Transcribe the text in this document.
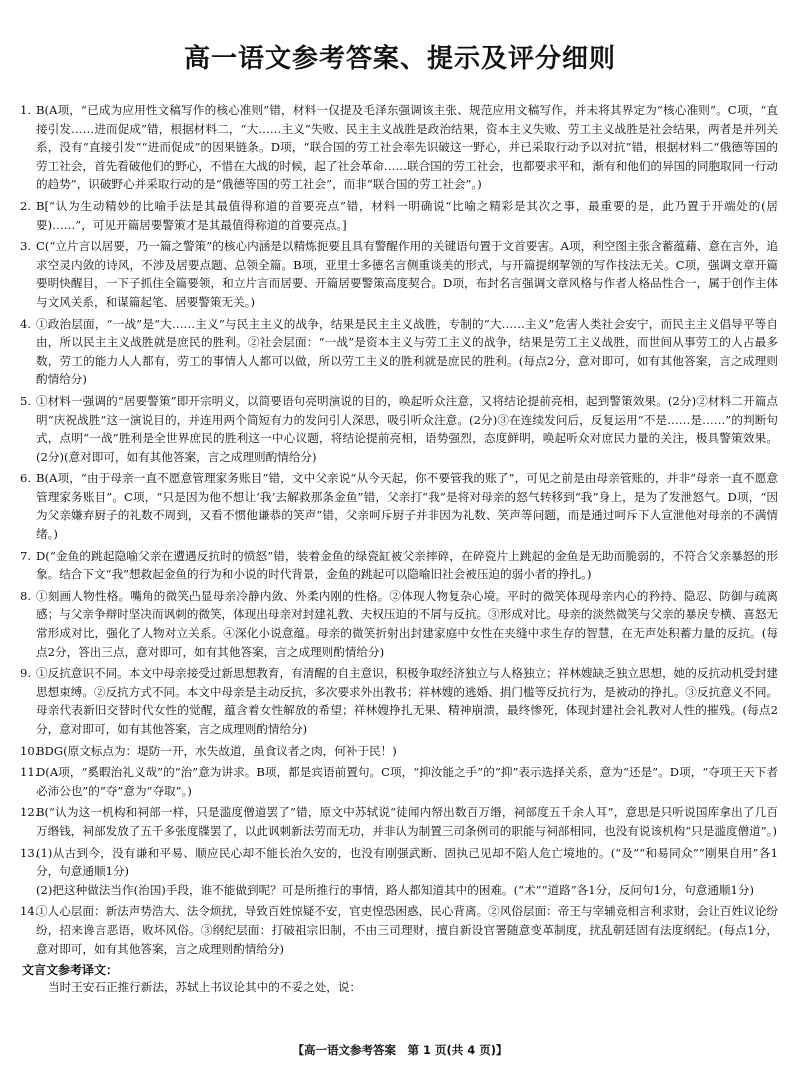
高一语文参考答案、提示及评分细则
1. B(A项，“已成为应用性文稿写作的核心准则”错，材料一仅提及毛泽东强调该主张、规范应用文稿写作，并未将其界定为“核心准则”。C项，“直接引发……进而促成”错，根据材料二，“大……主义”失败、民主主义战胜是政治结果，资本主义失败、劳工主义战胜是社会结果，两者是并列关系，没有“直接引发”“进而促成”的因果链条。D项，“联合国的劳工社会率先识破这一野心，并已采取行动予以对抗”错，根据材料二“俄德等国的劳工社会，首先看破他们的野心，不惜在大战的时候，起了社会革命……联合国的劳工社会，也都要求平和，渐有和他们的异国的同胞取同一行动的趋势”，识破野心并采取行动的是“俄德等国的劳工社会”，而非“联合国的劳工社会”。)
2. B[“认为生动精妙的比喻手法是其最值得称道的首要亮点”错，材料一明确说“比喻之精彩是其次之事，最重要的是，此乃置于开端处的(居要)……”，可见开篇居要警策才是其最值得称道的首要亮点。]
3. C(“立片言以居要，乃一篇之警策”的核心内涵是以精炼扼要且具有警醒作用的关键语句置于文首要害。A项，利空图主张含蓄蕴藉、意在言外，追求空灵内敛的诗风，不涉及居要点题、总领全篇。B项，亚里士多德名言侧重谈美的形式，与开篇提纲挈领的写作技法无关。C项，强调文章开篇要明快醒目，一下子抓住全篇要领，和立片言而居要、开篇居要警策高度契合。D项，布封名言强调文章风格与作者人格品性合一，属于创作主体与文风关系，和谋篇起笔、居要警策无关。)
4. ①政治层面，“一战”是“大……主义”与民主主义的战争，结果是民主主义战胜，专制的“大……主义”危害人类社会安宁，而民主主义倡导平等自由，所以民主主义战胜就是庶民的胜利。②社会层面：“一战”是资本主义与劳工主义的战争，结果是劳工主义战胜，而世间从事劳工的人占最多数，劳工的能力人人都有，劳工的事情人人都可以做，所以劳工主义的胜利就是庶民的胜利。(每点2分，意对即可，如有其他答案，言之成理则酌情给分)
5. ①材料一强调的“居要警策”即开宗明义，以简要语句亮明演说的目的，唤起听众注意，又将结论提前亮相，起到警策效果。(2分)②材料二开篇点明“庆祝战胜”这一演说目的，并连用两个简短有力的发问引人深思，吸引听众注意。(2分)③在连续发问后，反复运用“不是……是……”的判断句式，点明“一战”胜利是全世界庶民的胜利这一中心议题，将结论提前亮相，语势强烈，态度鲜明，唤起听众对庶民力量的关注，极具警策效果。(2分)(意对即可，如有其他答案，言之成理则酌情给分)
6. B(A项，“由于母亲一直不愿意管理家务账目”错，文中父亲说“从今天起，你不要管我的账了”，可见之前是由母亲管账的，并非“母亲一直不愿意管理家务账目”。C项，“只是因为他不想让‘我’去解救那条金鱼”错，父亲打“我”是将对母亲的怒气转移到“我”身上，是为了发泄怒气。D项，“因为父亲嫌弃厨子的礼数不周到，又看不惯他谦恭的笑声”错，父亲呵斥厨子并非因为礼数、笑声等问题，而是通过呵斥下人宣泄他对母亲的不满情绪。)
7. D(“金鱼的跳起隐喻父亲在遭遇反抗时的愤怒”错，装着金鱼的绿瓷缸被父亲摔碎，在碎瓷片上跳起的金鱼是无助而脆弱的，不符合父亲暴怒的形象。结合下文“我”想救起金鱼的行为和小说的时代背景，金鱼的跳起可以隐喻旧社会被压迫的弱小者的挣扎。)
8. ①刻画人物性格。嘴角的微笑凸显母亲冷静内敛、外柔内刚的性格。②体现人物复杂心境。平时的微笑体现母亲内心的矜持、隐忍、防御与疏离感；与父亲争辩时坚决而讽刺的微笑，体现出母亲对封建礼教、夫权压迫的不屑与反抗。③形成对比。母亲的淡然微笑与父亲的暴戾专横、喜怒无常形成对比，强化了人物对立关系。④深化小说意蕴。母亲的微笑折射出封建家庭中女性在夹缝中求生存的智慧，在无声处积蓄力量的反抗。(每点2分，答出三点，意对即可，如有其他答案，言之成理则酌情给分)
9. ①反抗意识不同。本文中母亲接受过新思想教育，有清醒的自主意识，积极争取经济独立与人格独立；祥林嫂缺乏独立思想，她的反抗动机受封建思想束缚。②反抗方式不同。本文中母亲是主动反抗，多次要求外出教书；祥林嫂的逃婚、捐门槛等反抗行为，是被动的挣扎。③反抗意义不同。母亲代表新旧交替时代女性的觉醒，蕴含着女性解放的希望；祥林嫂挣扎无果、精神崩溃，最终惨死，体现封建社会礼教对人性的摧残。(每点2分，意对即可，如有其他答案，言之成理则酌情给分)
10.
BDG(原文标点为：堤防一开，水失故道，虽食议者之肉，何补于民！)
11.
D(A项，“奚暇治礼义哉”的“治”意为讲求。B项，都是宾语前置句。C项，“抑汝能之手”的“抑”表示选择关系，意为“还是”。D项，“夺项王天下者必沛公也”的“夺”意为“夺取”。)
12.
B(“认为这一机构和祠部一样，只是滥度僧道罢了”错，原文中苏轼说“徒闻内帑出数百万缗，祠部度五千余人耳”，意思是只听说国库拿出了几百万缗钱，祠部发放了五千多张度牒罢了，以此讽刺新法劳而无功，并非认为制置三司条例司的职能与祠部相同，也没有说该机构“只是滥度僧道”。)
13.
(1)从古到今，没有谦和平易、顺应民心却不能长治久安的，也没有刚强武断、固执己见却不陷人危亡境地的。(“及”“和易同众”“刚果自用”各1分，句意通顺1分)
(2)把这种做法当作(治国)手段，谁不能做到呢？可是所推行的事情，路人都知道其中的困难。(“术”“道路”各1分，反问句1分，句意通顺1分)
14.
①人心层面：新法声势浩大、法令烦扰，导致百姓惊疑不安，官吏惶恐困惑，民心背离。②风俗层面：帝王与宰辅竞相言利求财，会让百姓议论纷纷，招来谗言恶语，败坏风俗。③纲纪层面：打破祖宗旧制，不由三司理财，擅自新设官署随意变革制度，扰乱朝廷固有法度纲纪。(每点1分，意对即可，如有其他答案，言之成理则酌情给分)
文言文参考译文：
当时王安石正推行新法，苏轼上书议论其中的不妥之处，说：
【高一语文参考答案　第 1 页(共 4 页)】
